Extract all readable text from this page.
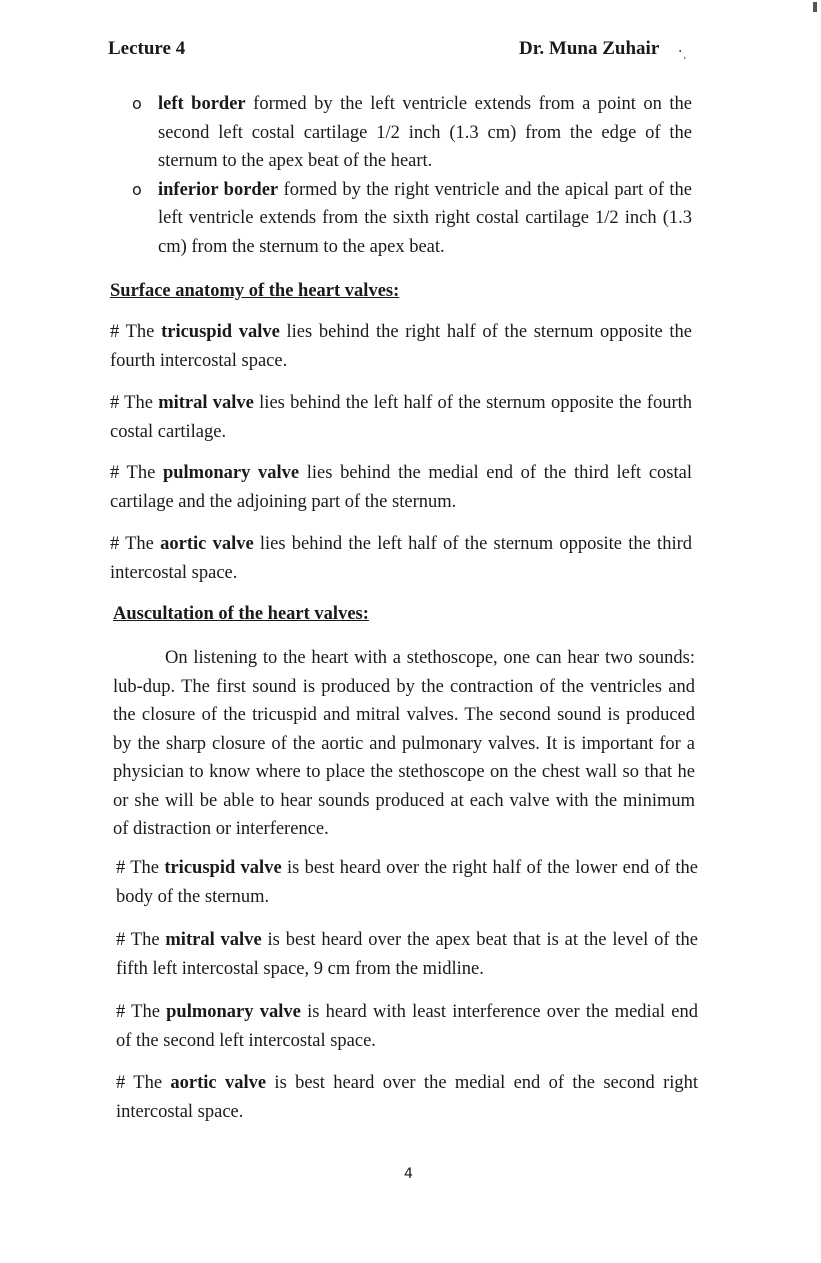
Lecture 4	Dr. Muna Zuhair ‧ˌ
o left border formed by the left ventricle extends from a point on the second left costal cartilage 1/2 inch (1.3 cm) from the edge of the sternum to the apex beat of the heart.
o inferior border formed by the right ventricle and the apical part of the left ventricle extends from the sixth right costal cartilage 1/2 inch (1.3 cm) from the sternum to the apex beat.
Surface anatomy of the heart valves:

# The tricuspid valve lies behind the right half of the sternum opposite the fourth intercostal space.

# The mitral valve lies behind the left half of the sternum opposite the fourth costal cartilage.

# The pulmonary valve lies behind the medial end of the third left costal cartilage and the adjoining part of the sternum.

# The aortic valve lies behind the left half of the sternum opposite the third intercostal space.

Auscultation of the heart valves:

On listening to the heart with a stethoscope, one can hear two sounds: lub-dup. The first sound is produced by the contraction of the ventricles and the closure of the tricuspid and mitral valves. The second sound is produced by the sharp closure of the aortic and pulmonary valves. It is important for a physician to know where to place the stethoscope on the chest wall so that he or she will be able to hear sounds produced at each valve with the minimum of distraction or interference.

# The tricuspid valve is best heard over the right half of the lower end of the body of the sternum.

# The mitral valve is best heard over the apex beat that is at the level of the fifth left intercostal space, 9 cm from the midline.

# The pulmonary valve is heard with least interference over the medial end of the second left intercostal space.

# The aortic valve is best heard over the medial end of the second right intercostal space.

4
